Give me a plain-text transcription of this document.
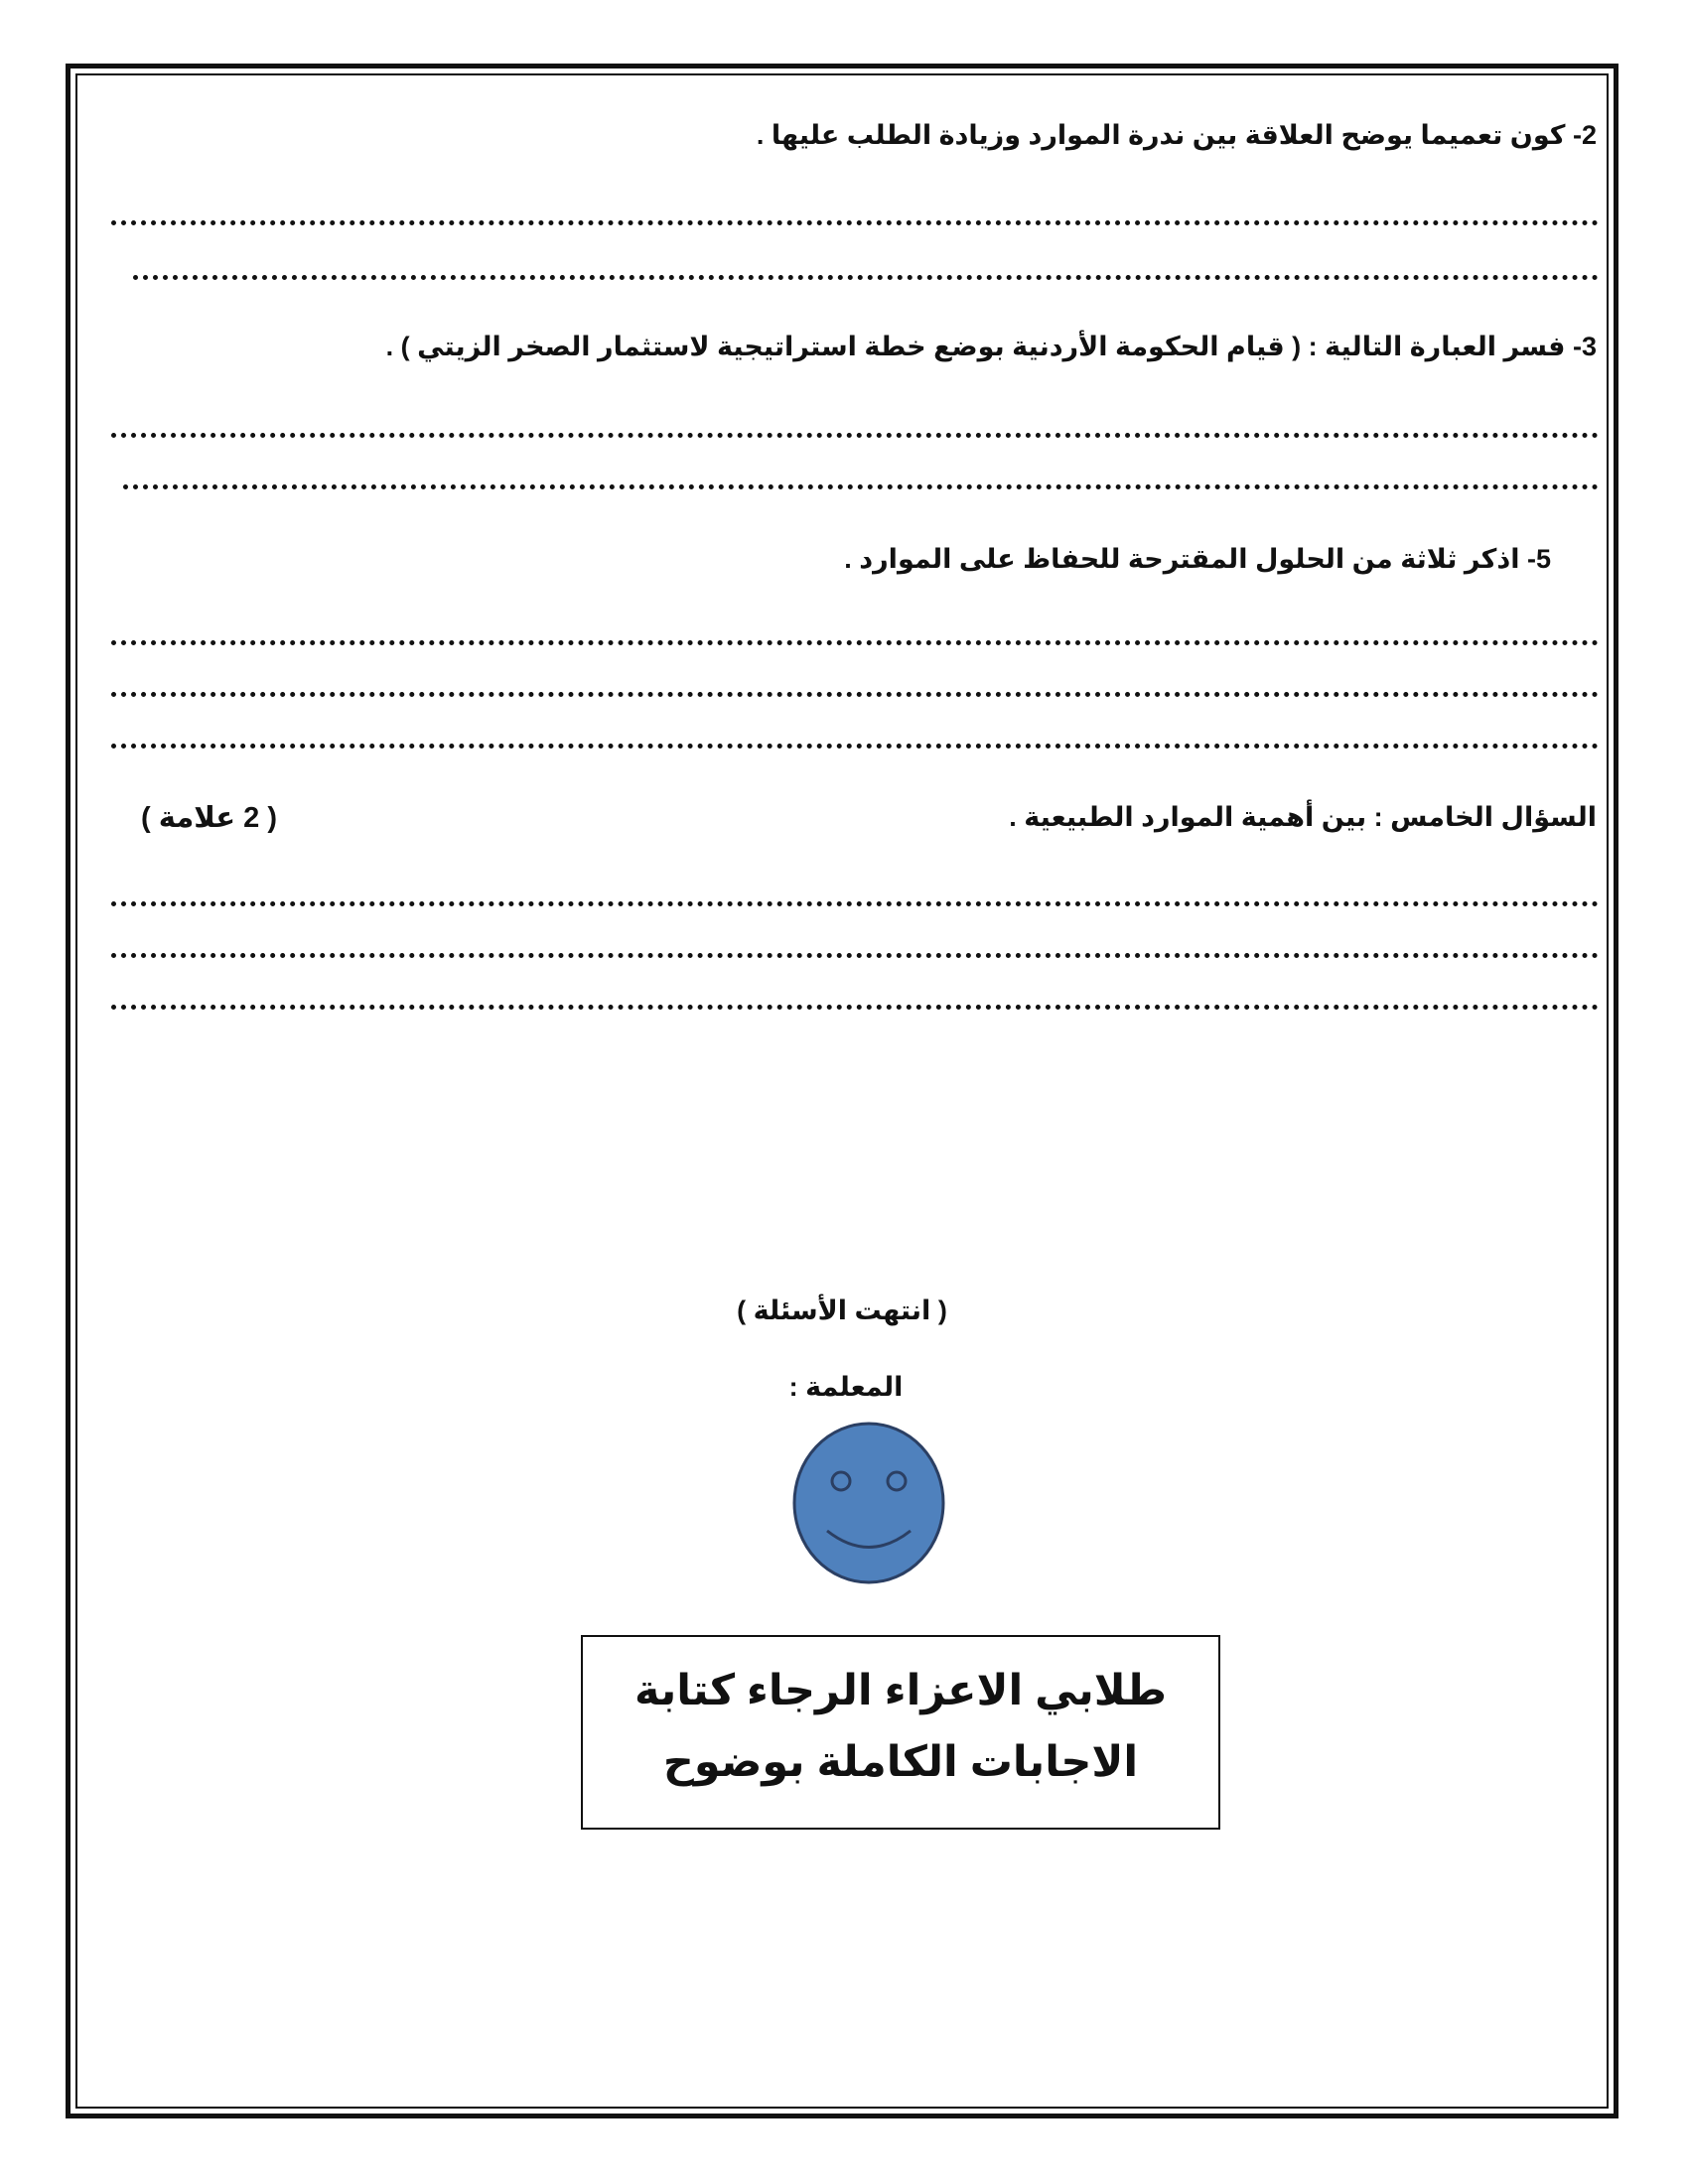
2- كون تعميما يوضح العلاقة بين ندرة الموارد وزيادة الطلب عليها .
3- فسر العبارة التالية : ( قيام الحكومة الأردنية بوضع خطة استراتيجية لاستثمار الصخر الزيتي ) .
5- اذكر ثلاثة من الحلول المقترحة للحفاظ على الموارد .
السؤال الخامس : بين أهمية الموارد الطبيعية .
( 2 علامة )
( انتهت الأسئلة )
المعلمة :
طلابي الاعزاء الرجاء كتابة
الاجابات الكاملة بوضوح
